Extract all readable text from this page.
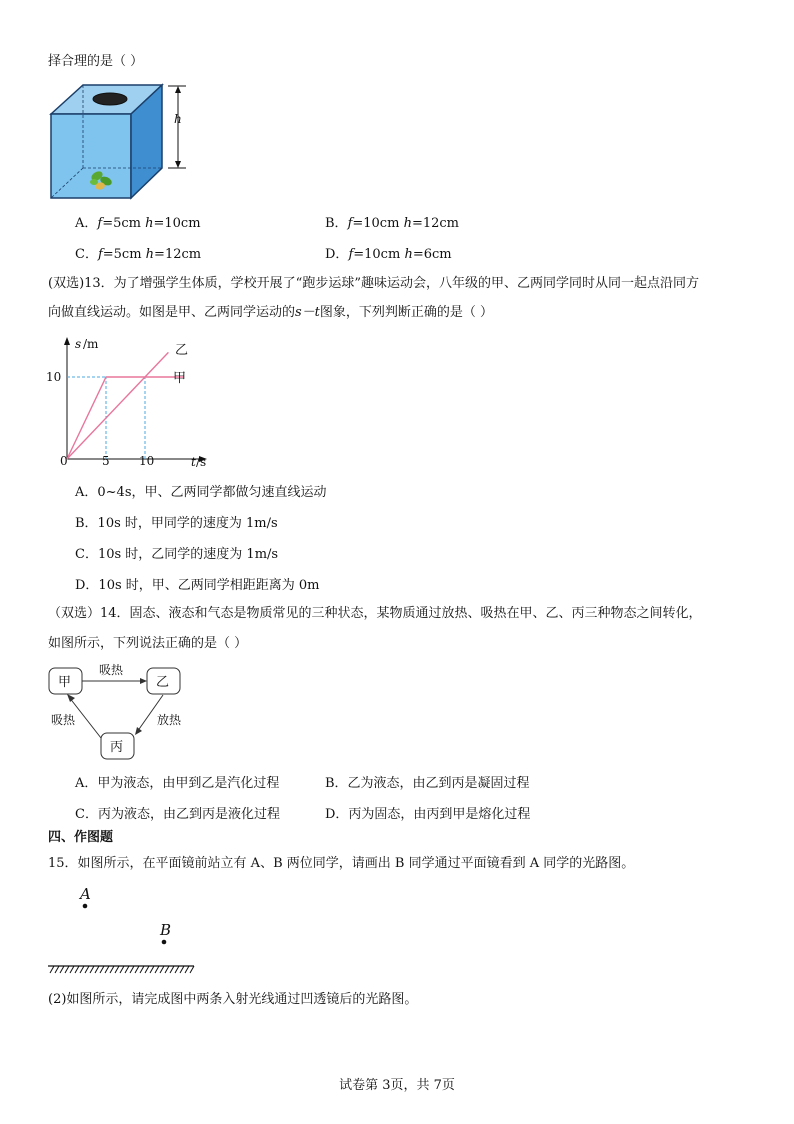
择合理的是（ ）
h
A．f=5cm h=10cm	B．f=10cm h=12cm
C．f=5cm h=12cm	D．f=10cm h=6cm
(双选)13．为了增强学生体质，学校开展了“跑步运球”趣味运动会，八年级的甲、乙两同学同时从同一起点沿同方
向做直线运动。如图是甲、乙两同学运动的s－t图象，下列判断正确的是（ ）
s /m
t /s
0	5 10
10
乙
甲
A．0~4s，甲、乙两同学都做匀速直线运动
B．10s 时，甲同学的速度为 1m/s
C．10s 时，乙同学的速度为 1m/s
D．10s 时，甲、乙两同学相距距离为 0m
（双选）14．固态、液态和气态是物质常见的三种状态，某物质通过放热、吸热在甲、乙、丙三种物态之间转化，
如图所示，下列说法正确的是（ ）
甲	乙
丙
吸热
放热
吸热
A．甲为液态，由甲到乙是汽化过程	B．乙为液态，由乙到丙是凝固过程
C．丙为液态，由乙到丙是液化过程	D．丙为固态，由丙到甲是熔化过程
四、作图题
15．如图所示，在平面镜前站立有 A、B 两位同学，请画出 B 同学通过平面镜看到 A 同学的光路图。
A
B
(2)如图所示，请完成图中两条入射光线通过凹透镜后的光路图。
试卷第 3页，共 7页
